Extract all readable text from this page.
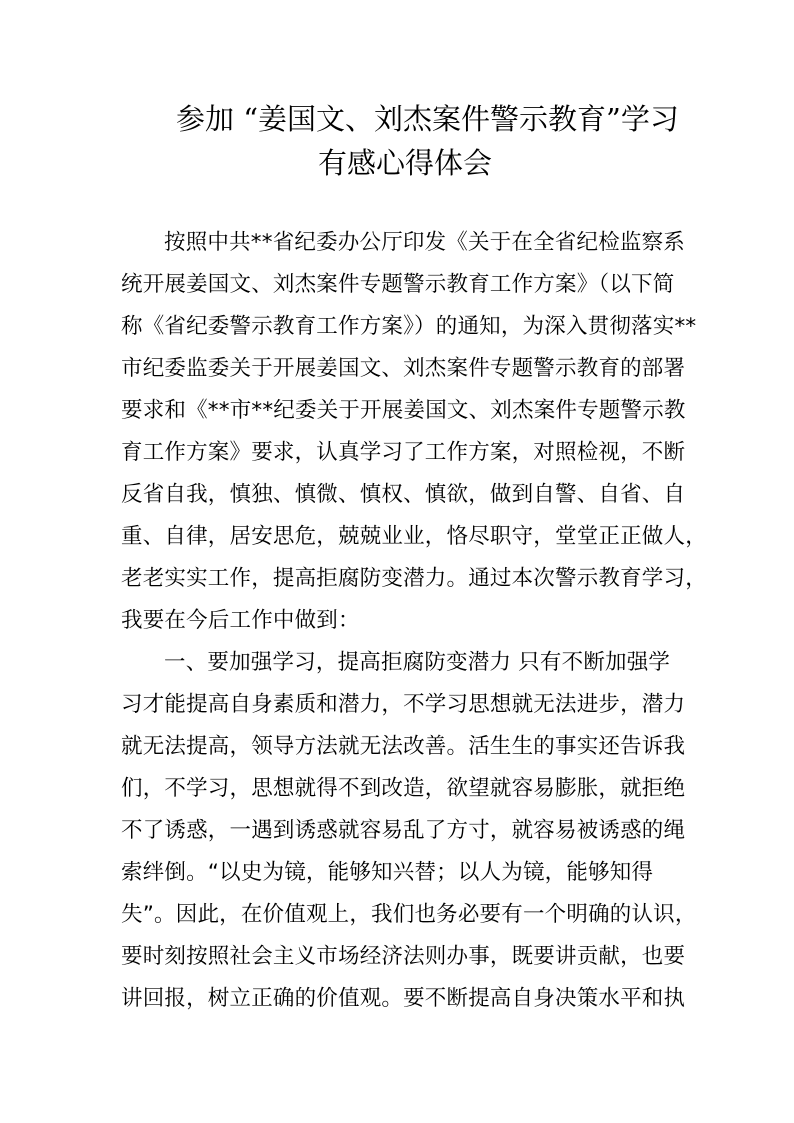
参加 “姜国文、刘杰案件警示教育”学习
有感心得体会
按照中共**省纪委办公厅印发《关于在全省纪检监察系
统开展姜国文、刘杰案件专题警示教育工作方案》（以下简
称《省纪委警示教育工作方案》）的通知，为深入贯彻落实**
市纪委监委关于开展姜国文、刘杰案件专题警示教育的部署
要求和《**市**纪委关于开展姜国文、刘杰案件专题警示教
育工作方案》要求，认真学习了工作方案，对照检视，不断
反省自我，慎独、慎微、慎权、慎欲，做到自警、自省、自
重、自律，居安思危，兢兢业业，恪尽职守，堂堂正正做人，
老老实实工作，提高拒腐防变潜力。通过本次警示教育学习，
我要在今后工作中做到：
一、要加强学习，提高拒腐防变潜力 只有不断加强学
习才能提高自身素质和潜力，不学习思想就无法进步，潜力
就无法提高，领导方法就无法改善。活生生的事实还告诉我
们，不学习，思想就得不到改造，欲望就容易膨胀，就拒绝
不了诱惑，一遇到诱惑就容易乱了方寸，就容易被诱惑的绳
索绊倒。“以史为镜，能够知兴替；以人为镜，能够知得
失”。因此，在价值观上，我们也务必要有一个明确的认识，
要时刻按照社会主义市场经济法则办事，既要讲贡献，也要
讲回报，树立正确的价值观。要不断提高自身决策水平和执
